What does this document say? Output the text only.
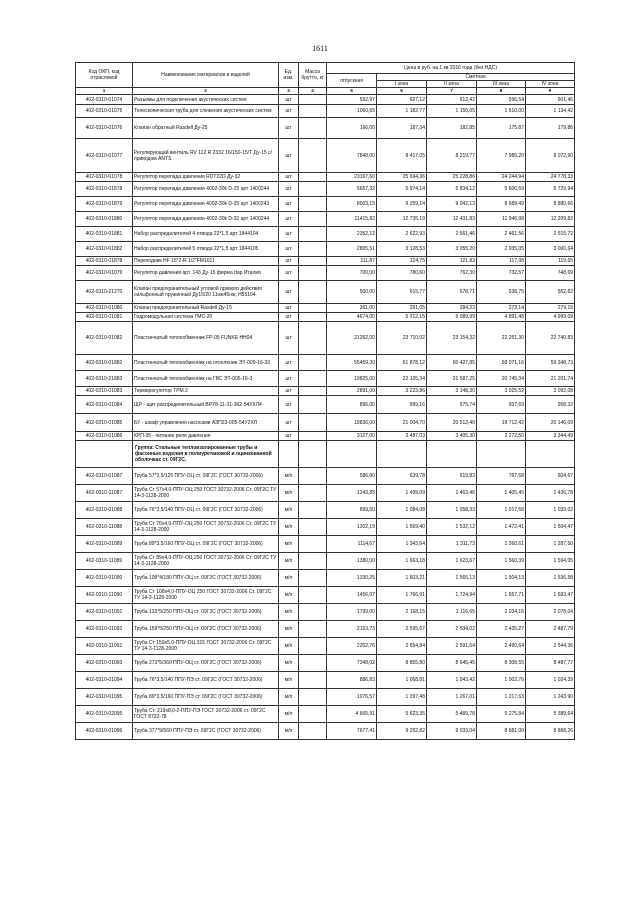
1611
Код ОКП, код отраслевой	Наименование материалов и изделий	Ед. изм.	Масса брутто, кг	Цена в руб. на 1 кв 2016 года (без НДС)				
				отпускная	Сметная			
					I зона	II зона	III зона	IV зона
1	2	3	4	5	6	7	8	9
402-0310-01074	Разъемы для подключения акустических систем	шт		592,97	627,12	612,42	596,54	601,46
402-0310-01075	Телескопическая труба для слежения акустических систем	шт		1060,65	1 182,77	1 155,05	1 610,00	1 134,42
402-0310-01076	Клапан обратный Rasdell Ду-25	шт		166,00	187,34	182,85	175,87	179,86
402-0310-01077	Регулирующий вентиль RV 112 R 2332 16/150-15/Т Ду-15 с/приводом ANTS	шт		7848,00	8 417,05	8 219,77	7 989,20	8 072,90
402-0310-01078	Регулятор перепада давления RDT22D Ду-32	шт		23167,60	25 694,36	25 228,86	24 244,94	24 778,33
402-0310-01878	Регулятор перепада давления 4002-30k D-15 арт 1400244	шт		5657,32	5 974,14	5 834,12	5 606,59	5 729,94
402-0310-01879	Регулятор перепада давления 4002-30k D-25 арт 1400243	шт		8003,15	9 259,14	9 042,13	8 689,49	8 880,66
402-0310-01880	Регулятор перепада давления 4002-30k D-32 арт 1400244	шт		11415,82	12 735,19	12 431,83	11 946,98	12 209,82
402-0310-01881	Набор распределителей 4 отвода 22*1,5 арт 1844104	шт		2352,12	2 622,93	2 561,46	2 461,56	2 515,72
402-0310-01882	Набор распределителей 5 отвода 22*1,5 арт 1844105	шт		2805,51	3 128,53	3 055,20	2 935,05	3 000,64
402-0310-01878	Переходник HF 16*2-R 1/2"FM1011	шт		111,87	124,75	121,83	117,08	119,65
402-0310-01079	Регулятор давления арт. 143 Ду-15 фирма Itap Италия	шт		700,00	780,60	762,30	732,57	748,69
402-0310-21270	Клапан предохранительный угловой прямого действия сильфонный пружинный Ду15/20 11нж45нж; Н55104	шт		500,00	615,77	578,71	538,75	552,82
402-0310-01080	Клапан предохранительный Rasdell Ду-15	шт		261,00	291,05	284,23	273,14	279,15
402-0310-01081	Гидромодульная система ГМС-20	шт		4674,00	5 212,15	5 089,99	4 891,48	4 999,09
402-0310-01082	Пластинчатый теплообменник FP-05 FUNKE НН04	шт		21262,00	23 710,02	23 154,32	22 251,30	22 740,83
402-0310-01882	Пластинчатый теплообменник на отопление ЭТ-009-16-33	шт		55459,30	61 878,12	60 427,85	58 071,16	59 348,73
402-0310-21883	Пластинчатый теплообменник на ГВС ЭТ-005-16-3	шт		19825,00	22 105,34	21 587,25	20 745,34	21 201,74
402-0310-01083	Терморегулятор TPM 2	шт		2891,00	3 223,86	3 148,30	3 025,52	3 092,08
402-0310-01084	ЩР - щит распределительный ВРУ8-11-31-362-54УХЛ4	шт		896,00	999,16	975,74	937,69	958,32
402-0310-01085	БУ - шкаф управления насосами АЗП23-005-54У2ХЛ	шт		18836,00	21 004,70	20 512,40	19 712,42	20 146,09
402-0310-01086	КРП-35 - питание реле давления	шт		3127,00	3 487,03	3 405,30	3 272,50	3 344,49
	Группа: Стальные теплоизолированные трубы и фасонные изделия в полиуретановой и оцинкованной оболочках ст. 09Г2С.							
402-0310-01087	Труба 57*3,5/125 ППУ-ОЦ ст. 09Г2С (ГОСТ 30732-2006)	м/п		586,80	639,78	619,83	767,68	604,67
402-0310-11087	Труба Ст 57х4,0-ППУ-ОЦ 250 ГОСТ 30732-2006 Ст. 09Г2С ТУ 14-3-1128-2000	м/п		1243,85	1 499,09	1 463,46	1 405,45	1 436,78
402-0310-01088	Труба 76*3,5/140 ППУ-ОЦ ст. 09Г2С (ГОСТ 30732-2006)	м/п		899,50	1 084,08	1 058,33	1 017,68	1 039,02
402-0310-11088	Труба Ст 76х4,0-ППУ-ОЦ 250 ГОСТ 30732-2006 Ст. 09Г2С ТУ 14-3-1128-2000	м/п		1302,19	1 569,40	1 532,12	1 472,41	1 504,47
402-0310-01089	Труба 89*3,5/160 ППУ-ОЦ ст. 09Г2С (ГОСТ 30732-2006)	м/п		1114,67	1 343,64	1 311,73	1 260,61	1 287,50
402-0310-11089	Труба Ст 89х4,0-ППУ-ОЦ 250 ГОСТ 30732-2006 Ст. 09Г2С ТУ 14-3-1128-2000	м/п		1380,00	1 663,18	1 623,67	1 560,39	1 594,05
402-0310-01090	Труба 108*4/180 ППУ-ОЦ ст. 09Г2С (ГОСТ 30732-2006)	м/п		1330,25	1 603,21	1 565,13	1 504,13	1 536,58
402-0310-11090	Труба Ст 108х4,0-ППУ-ОЦ 250 ГОСТ 30732-2006 Ст. 09Г2С ТУ 14-3-1128-2000	м/п		1456,07	1 766,91	1 724,94	1 657,71	1 693,47
402-0310-01091	Труба 133*5/250 ППУ-ОЦ ст. 09Г2С (ГОСТ 30732-2006)	м/п		1799,00	2 168,15	2 116,65	2 034,16	2 078,04
402-0310-01092	Труба 159*5/250 ППУ-ОЦ ст. 09Г2С (ГОСТ 30732-2006)	м/п		2153,73	2 595,67	2 534,02	2 435,27	2 487,79
402-0310-11092	Труба Ст 159х5,0-ППУ-ОЦ 315 ГОСТ 30732-2006 Ст. 09Г2С ТУ 14-3-1128-2000	м/п		2202,76	2 654,84	2 591,64	2 490,64	2 544,36
402-0310-01093	Труба 273*5/360 ППУ-ОЦ ст. 09Г2С (ГОСТ 30732-2006)	м/п		7348,02	8 855,80	8 645,45	8 308,55	8 487,77
402-0310-01094	Труба 76*3,5/140 ППУ-ПЭ ст. 09Г2С (ГОСТ 30732-2006)	м/п		886,83	1 068,81	1 043,42	1 002,76	1 024,39
402-0310-01095	Труба 89*3,5/160 ППУ-ПЭ ст. 09Г2С (ГОСТ 30732-2006)	м/п		1076,57	1 297,48	1 267,01	1 217,63	1 243,90
402-0310-02095	Труба Ст. 219х8,0-2-ППУ-ПЭ ГОСТ 30732-2006 ст. 09Г2С ГОСТ 8732-78	м/п		4 665,91	5 623,35	5 489,78	5 275,84	5 389,64
402-0310-01096	Труба 377*9/560 ППУ-ПЭ ст. 09Г2С (ГОСТ 30732-2006)	м/п		7677,41	9 252,82	9 033,04	8 681,00	8 868,26
